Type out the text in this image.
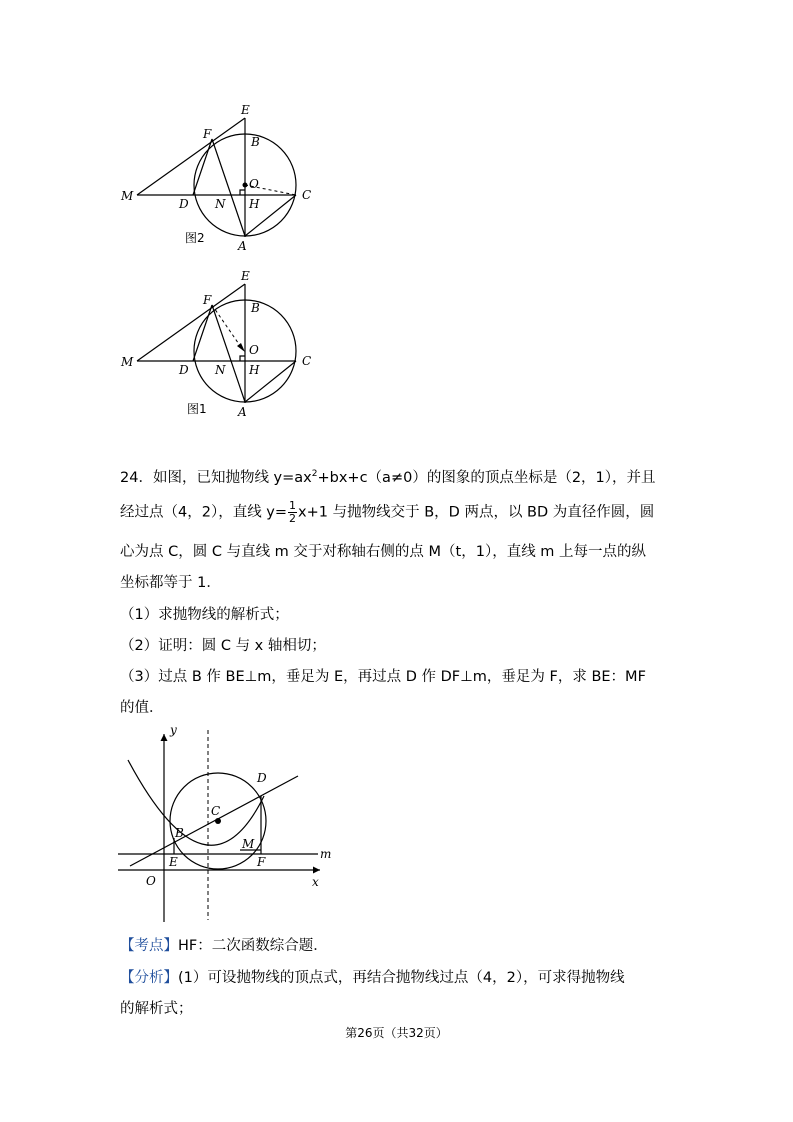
E
F
B
O
C
M
D N H
A
图2
E
F
B
O
C
M
D N H
A
图1
24．如图，已知抛物线 $y=ax^2+bx+c(a\ne 0)$的图象的顶点坐标是（2，1），并且
经过点（4，2），直线 $y= \frac{1}{2} x+1$ 与抛物线交于 B，D 两点，以 BD 为直径作圆，圆
心为点 C，圆 C 与直线 m 交于对称轴右侧的点 M（t，1），直线 m 上每一点的纵
坐标都等于 1．
（1）求抛物线的解析式；
（2）证明：圆 C 与 x 轴相切；
（3）过点 B 作 BE⊥m，垂足为 E，再过点 D 作 DF⊥m，垂足为 F，求 BE：MF
的值．
y
x
O
C
D
B
E
M
F
m
【考点】HF：二次函数综合题．
【分析】(1）可设抛物线的顶点式，再结合抛物线过点（4，2），可求得抛物线
的解析式；
第26页（共32页）
